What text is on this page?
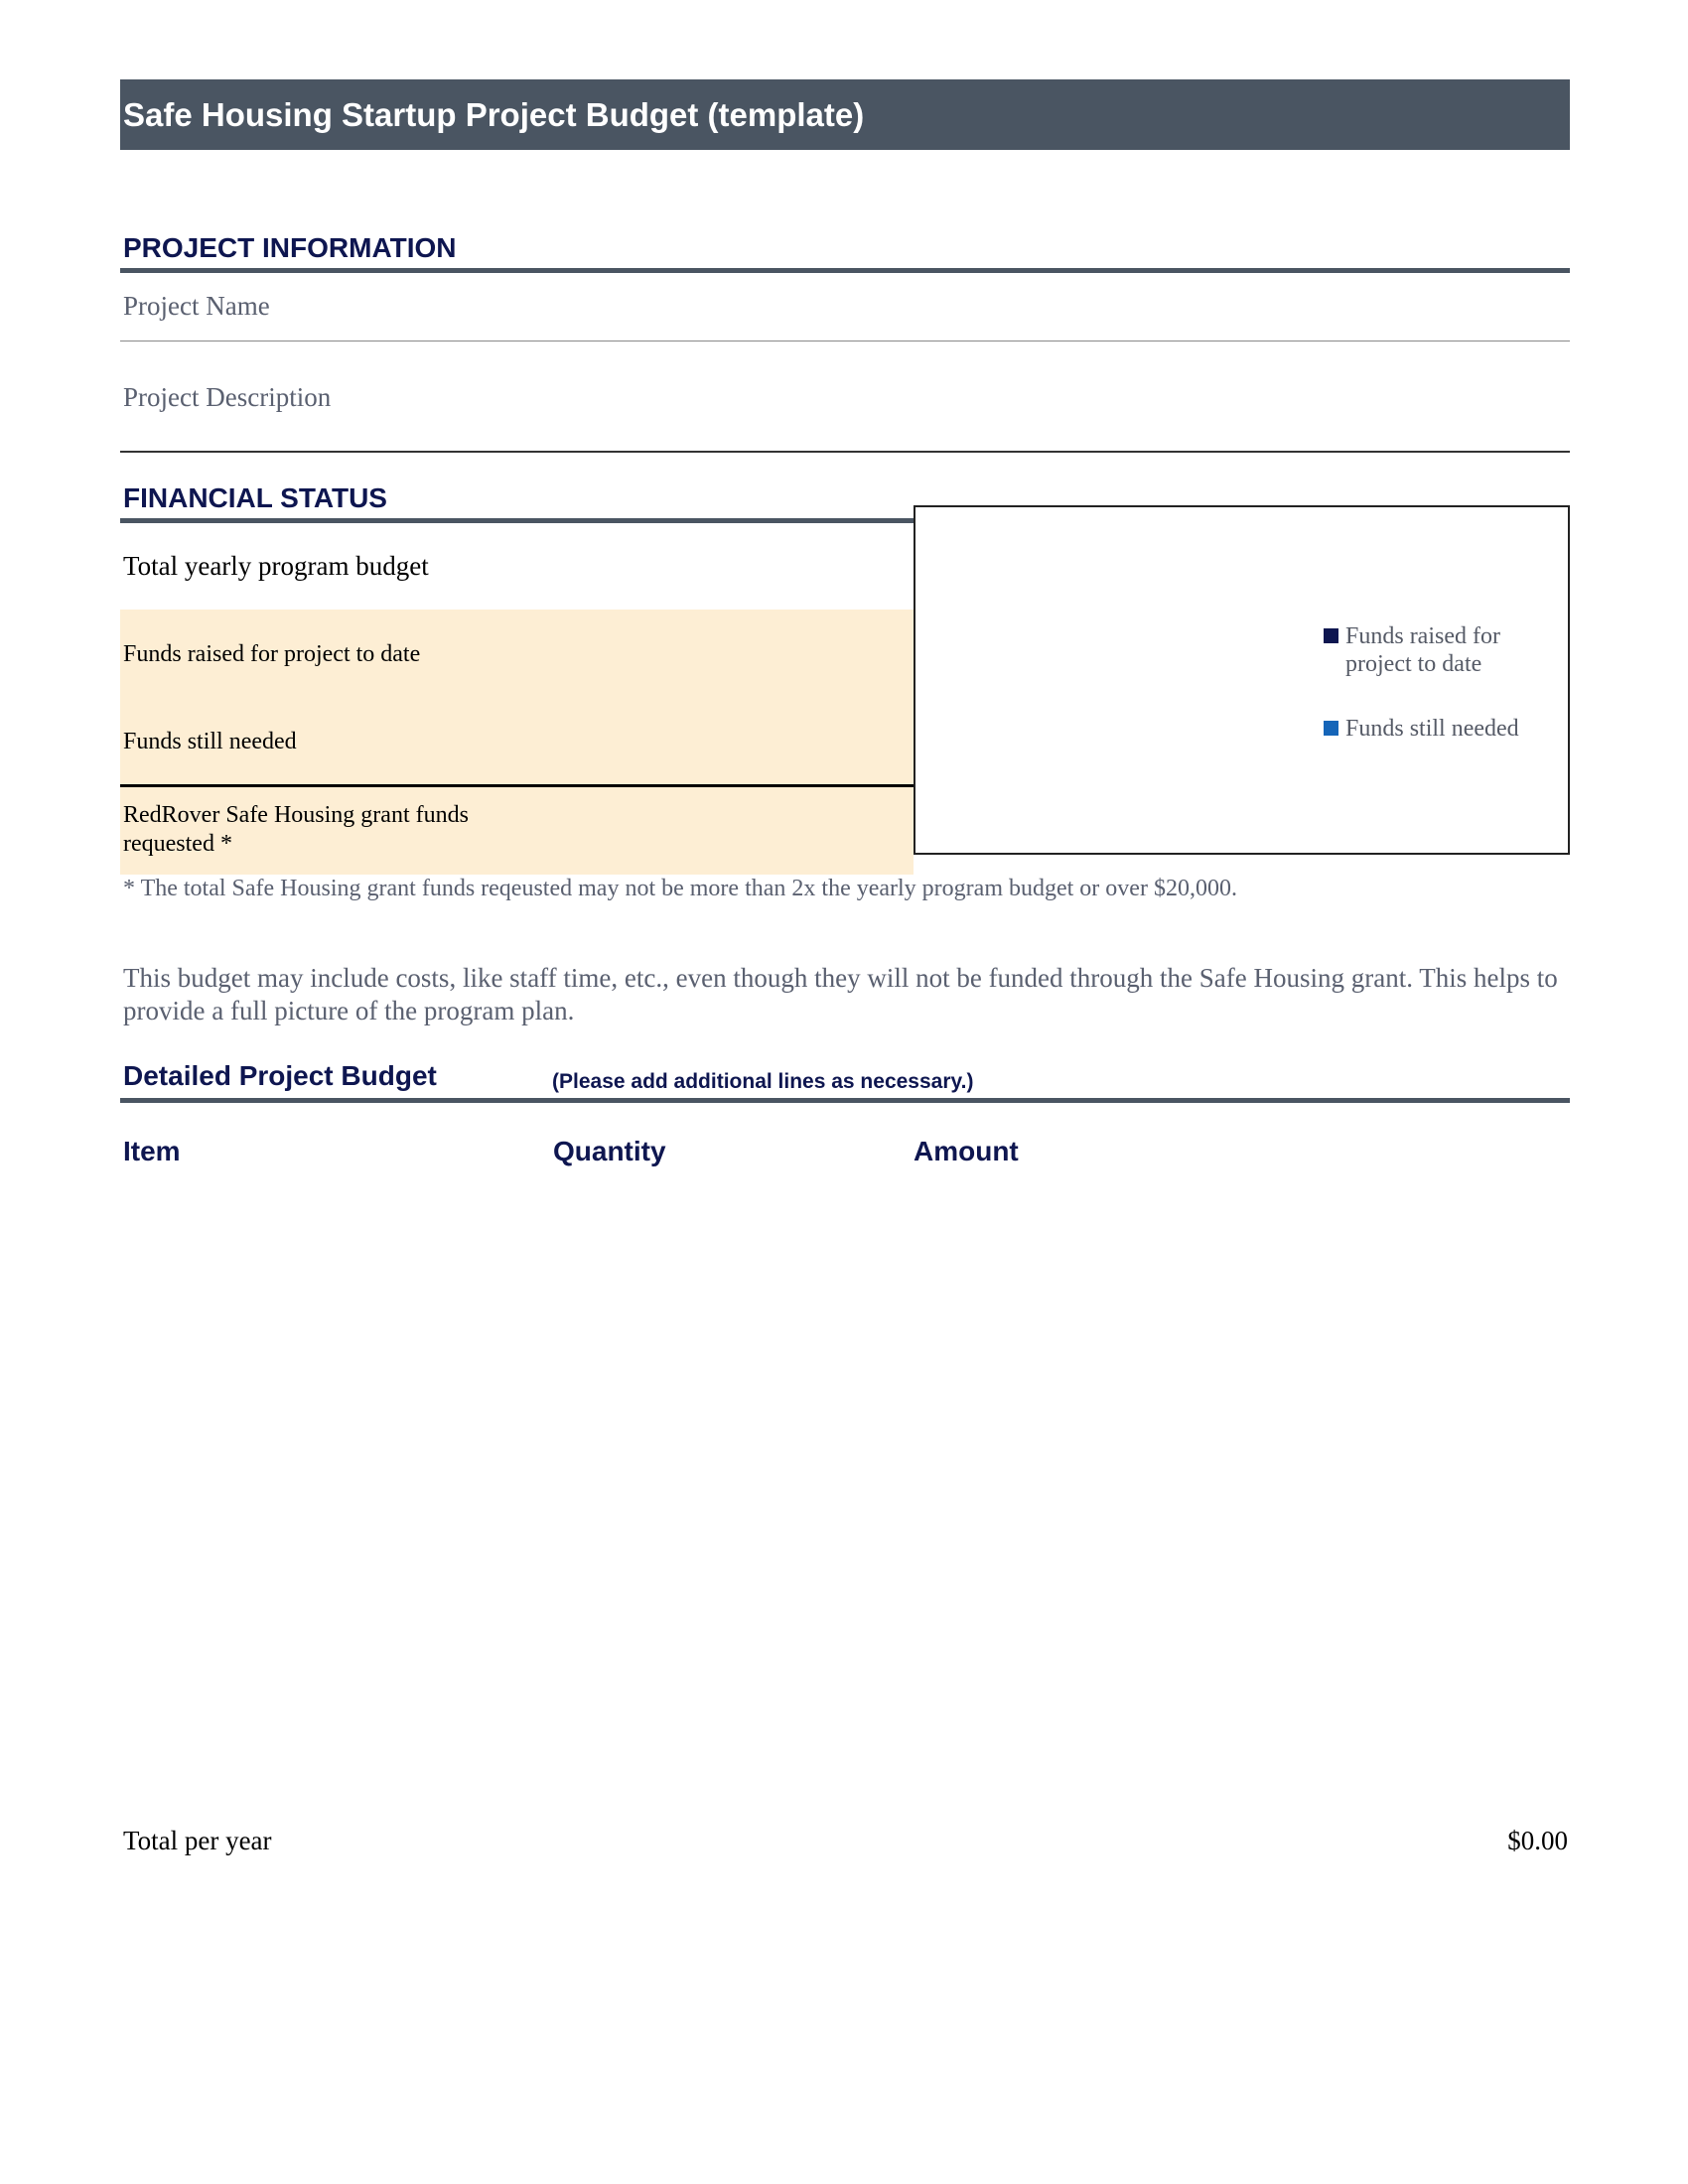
Safe Housing Startup Project Budget (template)
PROJECT INFORMATION
Project Name
Project Description
FINANCIAL STATUS
Total yearly program budget
Funds raised for project to date
Funds still needed
RedRover Safe Housing grant funds requested *
Funds raised for project to date
Funds still needed
* The total Safe Housing grant funds reqeusted may not be more than 2x the yearly program budget or over $20,000.
This budget may include costs, like staff time, etc., even though they will not be funded through the Safe Housing grant. This helps to provide a full picture of the program plan.
Detailed Project Budget	(Please add additional lines as necessary.)
Item	Quantity	Amount
Total per year	$0.00
